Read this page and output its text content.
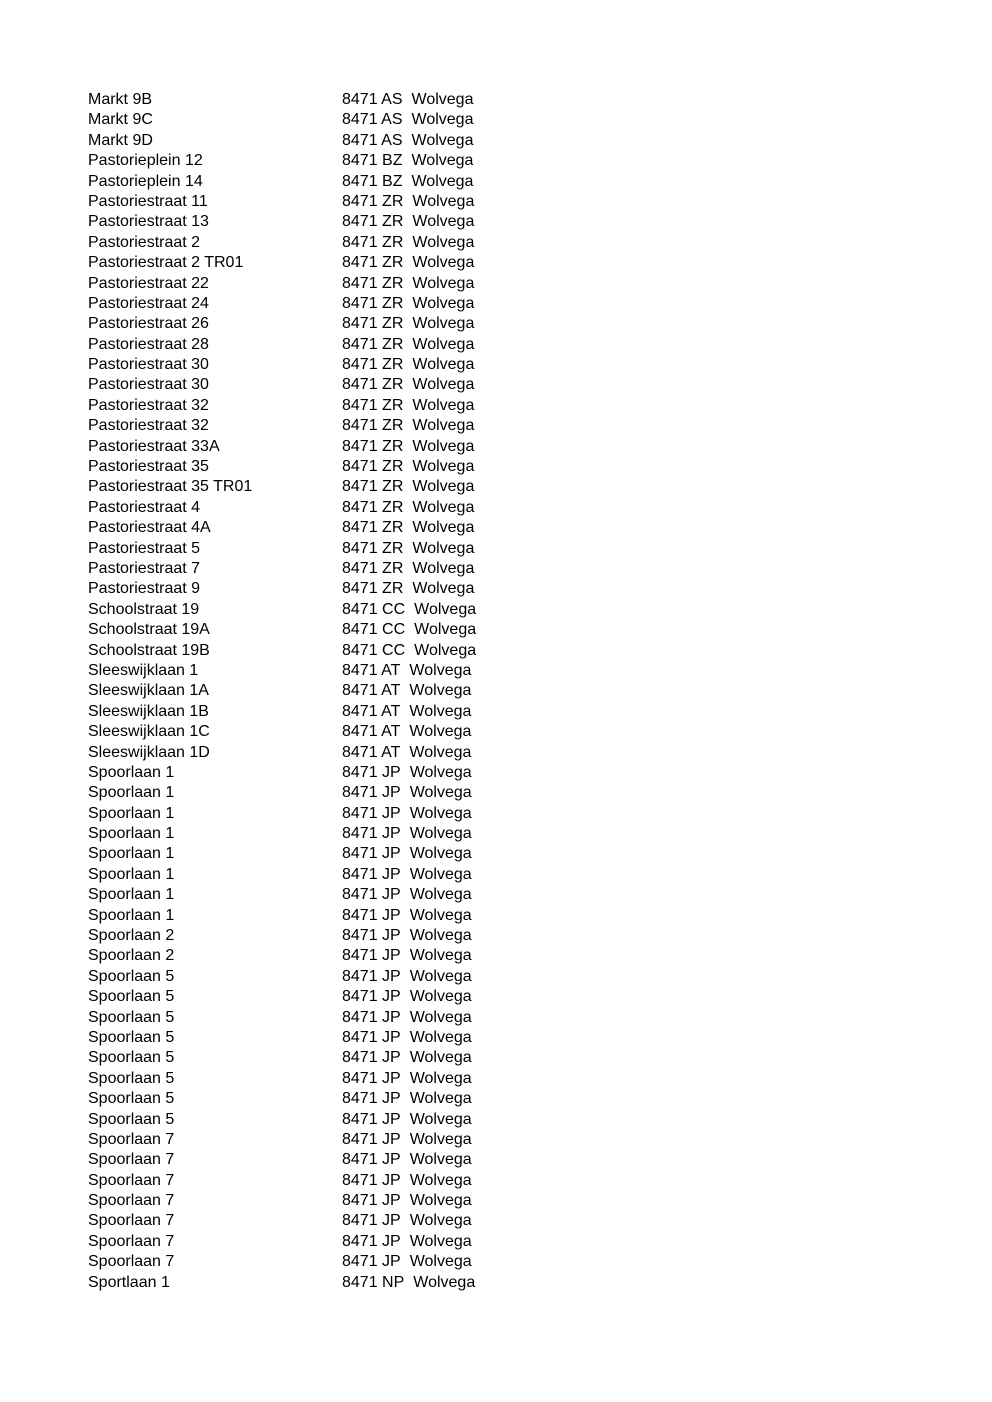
Markt 9B	8471 AS Wolvega
Markt 9C	8471 AS Wolvega
Markt 9D	8471 AS Wolvega
Pastorieplein 12	8471 BZ Wolvega
Pastorieplein 14	8471 BZ Wolvega
Pastoriestraat 11	8471 ZR Wolvega
Pastoriestraat 13	8471 ZR Wolvega
Pastoriestraat 2	8471 ZR Wolvega
Pastoriestraat 2 TR01	8471 ZR Wolvega
Pastoriestraat 22	8471 ZR Wolvega
Pastoriestraat 24	8471 ZR Wolvega
Pastoriestraat 26	8471 ZR Wolvega
Pastoriestraat 28	8471 ZR Wolvega
Pastoriestraat 30	8471 ZR Wolvega
Pastoriestraat 30	8471 ZR Wolvega
Pastoriestraat 32	8471 ZR Wolvega
Pastoriestraat 32	8471 ZR Wolvega
Pastoriestraat 33A	8471 ZR Wolvega
Pastoriestraat 35	8471 ZR Wolvega
Pastoriestraat 35 TR01	8471 ZR Wolvega
Pastoriestraat 4	8471 ZR Wolvega
Pastoriestraat 4A	8471 ZR Wolvega
Pastoriestraat 5	8471 ZR Wolvega
Pastoriestraat 7	8471 ZR Wolvega
Pastoriestraat 9	8471 ZR Wolvega
Schoolstraat 19	8471 CC Wolvega
Schoolstraat 19A	8471 CC Wolvega
Schoolstraat 19B	8471 CC Wolvega
Sleeswijklaan 1	8471 AT Wolvega
Sleeswijklaan 1A	8471 AT Wolvega
Sleeswijklaan 1B	8471 AT Wolvega
Sleeswijklaan 1C	8471 AT Wolvega
Sleeswijklaan 1D	8471 AT Wolvega
Spoorlaan 1	8471 JP Wolvega
Spoorlaan 1	8471 JP Wolvega
Spoorlaan 1	8471 JP Wolvega
Spoorlaan 1	8471 JP Wolvega
Spoorlaan 1	8471 JP Wolvega
Spoorlaan 1	8471 JP Wolvega
Spoorlaan 1	8471 JP Wolvega
Spoorlaan 1	8471 JP Wolvega
Spoorlaan 2	8471 JP Wolvega
Spoorlaan 2	8471 JP Wolvega
Spoorlaan 5	8471 JP Wolvega
Spoorlaan 5	8471 JP Wolvega
Spoorlaan 5	8471 JP Wolvega
Spoorlaan 5	8471 JP Wolvega
Spoorlaan 5	8471 JP Wolvega
Spoorlaan 5	8471 JP Wolvega
Spoorlaan 5	8471 JP Wolvega
Spoorlaan 5	8471 JP Wolvega
Spoorlaan 7	8471 JP Wolvega
Spoorlaan 7	8471 JP Wolvega
Spoorlaan 7	8471 JP Wolvega
Spoorlaan 7	8471 JP Wolvega
Spoorlaan 7	8471 JP Wolvega
Spoorlaan 7	8471 JP Wolvega
Spoorlaan 7	8471 JP Wolvega
Sportlaan 1	8471 NP Wolvega
